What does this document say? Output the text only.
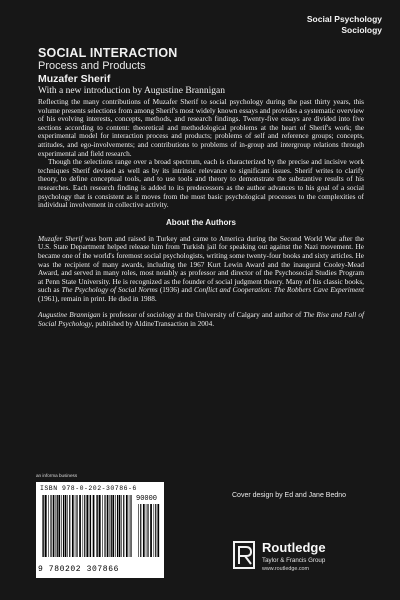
Social Psychology
Sociology

SOCIAL INTERACTION

Process and Products

Muzafer Sherif

With a new introduction by Augustine Brannigan

Reflecting the many contributions of Muzafer Sherif to social psychology during the past thirty years, this volume presents selections from among Sherif's most widely known essays and provides a systematic overview of his evolving interests, concepts, methods, and research findings. Twenty-five essays are divided into five sections according to content: theoretical and methodological problems at the heart of Sherif's work; the experimental model for interaction process and products; problems of self and reference groups; concepts, attitudes, and ego-involvements; and contributions to problems of in-group and intergroup relations through experimental and field research.

Though the selections range over a broad spectrum, each is characterized by the precise and incisive work techniques Sherif devised as well as by its intrinsic relevance to significant issues. Sherif writes to clarify theory, to define conceptual tools, and to use tools and theory to demonstrate the substantive results of his researches. Each research finding is added to its predecessors as the author advances to his goal of a social psychology that is consistent as it moves from the most basic psychological processes to the complexities of individual involvement in collective activity.

About the Authors

Muzafer Sherif was born and raised in Turkey and came to America during the Second World War after the U.S. State Department helped release him from Turkish jail for speaking out against the Nazi movement. He became one of the world's foremost social psychologists, writing some twenty-four books and sixty articles. He was the recipient of many awards, including the 1967 Kurt Lewin Award and the inaugural Cooley-Mead Award, and served in many roles, most notably as professor and director of the Psychosocial Studies Program at Penn State University. He is recognized as the founder of social judgment theory. Many of his classic books, such as The Psychology of Social Norms (1936) and Conflict and Cooperation: The Robbers Cave Experiment (1961), remain in print. He died in 1988.

Augustine Brannigan is professor of sociology at the University of Calgary and author of The Rise and Fall of Social Psychology, published by AldineTransaction in 2004.

an informa business
ISBN 978-0-202-30786-6
90000
9 780202 307866
Cover design by Ed and Jane Bedno
Routledge
Taylor & Francis Group
www.routledge.com
